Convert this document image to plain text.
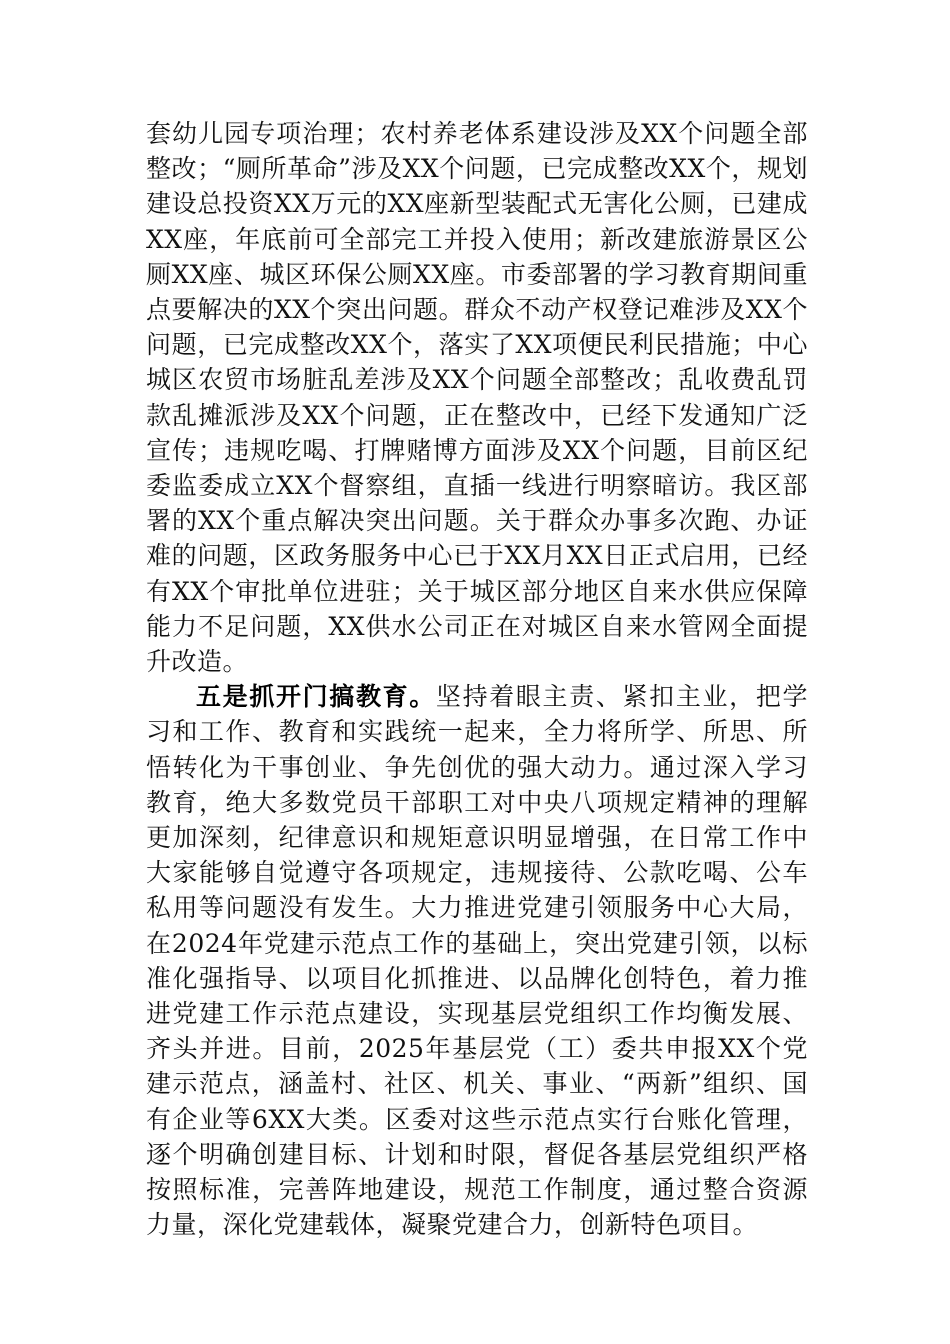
套幼儿园专项治理；农村养老体系建设涉及XX个问题全部整改；“厕所革命”涉及XX个问题，已完成整改XX个，规划建设总投资XX万元的XX座新型装配式无害化公厕，已建成XX座，年底前可全部完工并投入使用；新改建旅游景区公厕XX座、城区环保公厕XX座。市委部署的学习教育期间重点要解决的XX个突出问题。群众不动产权登记难涉及XX个问题，已完成整改XX个，落实了XX项便民利民措施；中心城区农贸市场脏乱差涉及XX个问题全部整改；乱收费乱罚款乱摊派涉及XX个问题，正在整改中，已经下发通知广泛宣传；违规吃喝、打牌赌博方面涉及XX个问题，目前区纪委监委成立XX个督察组，直插一线进行明察暗访。我区部署的XX个重点解决突出问题。关于群众办事多次跑、办证难的问题，区政务服务中心已于XX月XX日正式启用，已经有XX个审批单位进驻；关于城区部分地区自来水供应保障能力不足问题，XX供水公司正在对城区自来水管网全面提升改造。

五是抓开门搞教育。坚持着眼主责、紧扣主业，把学习和工作、教育和实践统一起来，全力将所学、所思、所悟转化为干事创业、争先创优的强大动力。通过深入学习教育，绝大多数党员干部职工对中央八项规定精神的理解更加深刻，纪律意识和规矩意识明显增强，在日常工作中大家能够自觉遵守各项规定，违规接待、公款吃喝、公车私用等问题没有发生。大力推进党建引领服务中心大局，在2024年党建示范点工作的基础上，突出党建引领，以标准化强指导、以项目化抓推进、以品牌化创特色，着力推进党建工作示范点建设，实现基层党组织工作均衡发展、齐头并进。目前，2025年基层党（工）委共申报XX个党建示范点，涵盖村、社区、机关、事业、“两新”组织、国有企业等6XX大类。区委对这些示范点实行台账化管理，逐个明确创建目标、计划和时限，督促各基层党组织严格按照标准，完善阵地建设，规范工作制度，通过整合资源力量，深化党建载体，凝聚党建合力，创新特色项目。
